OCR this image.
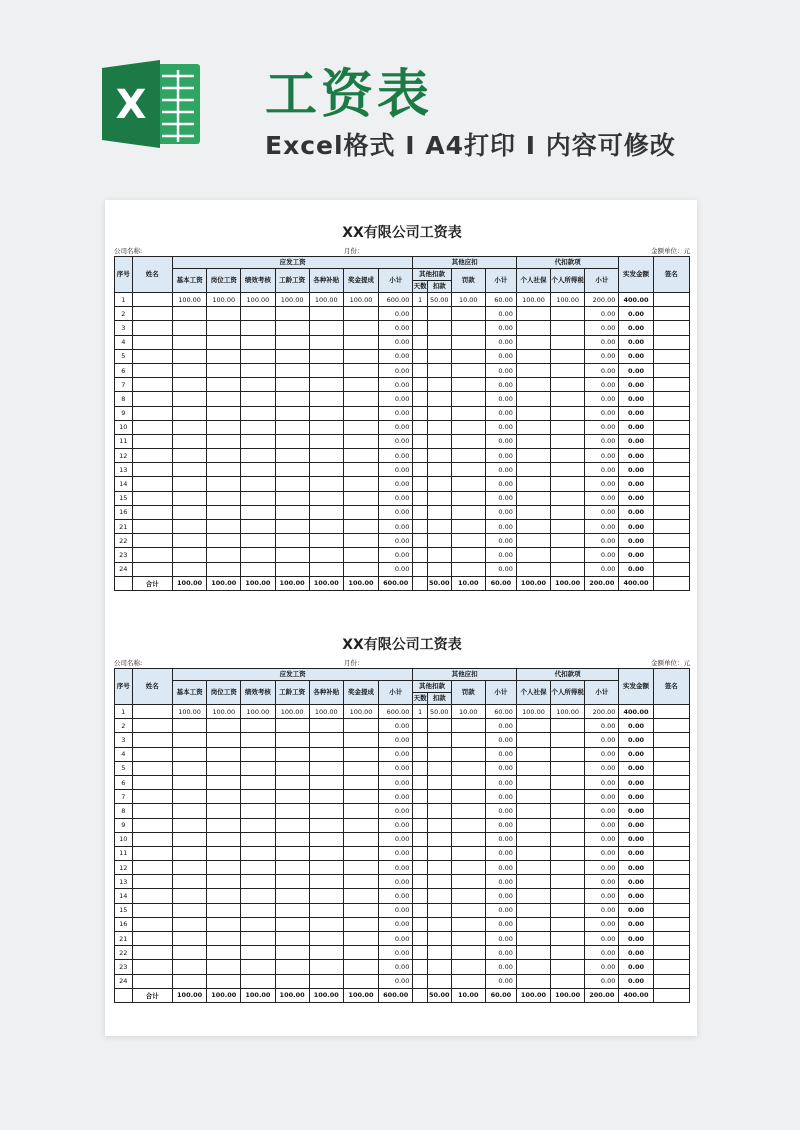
X 工资表
Excel格式 I A4打印 I 内容可修改
XX有限公司工资表
公司名称:	月份：	金额单位：元
序号	姓名	应发工资							其他应扣				代扣款项			实发金额	签名
		基本工资	岗位工资	绩效考核	工龄工资	各种补贴	奖金提成	小计	其他扣款		罚款	小计	个人社保	个人所得税	小计		
									天数	扣款							
1		100.00	100.00	100.00	100.00	100.00	100.00	600.00	1	50.00	10.00	60.00	100.00	100.00	200.00	400.00	
2								0.00				0.00			0.00	0.00	
3								0.00				0.00			0.00	0.00	
4								0.00				0.00			0.00	0.00	
5								0.00				0.00			0.00	0.00	
6								0.00				0.00			0.00	0.00	
7								0.00				0.00			0.00	0.00	
8								0.00				0.00			0.00	0.00	
9								0.00				0.00			0.00	0.00	
10								0.00				0.00			0.00	0.00	
11								0.00				0.00			0.00	0.00	
12								0.00				0.00			0.00	0.00	
13								0.00				0.00			0.00	0.00	
14								0.00				0.00			0.00	0.00	
15								0.00				0.00			0.00	0.00	
16								0.00				0.00			0.00	0.00	
21								0.00				0.00			0.00	0.00	
22								0.00				0.00			0.00	0.00	
23								0.00				0.00			0.00	0.00	
24								0.00				0.00			0.00	0.00	
	合计	100.00	100.00	100.00	100.00	100.00	100.00	600.00		50.00	10.00	60.00	100.00	100.00	200.00	400.00	
XX有限公司工资表
公司名称:	月份：	金额单位：元
序号	姓名	应发工资							其他应扣				代扣款项			实发金额	签名
		基本工资	岗位工资	绩效考核	工龄工资	各种补贴	奖金提成	小计	其他扣款		罚款	小计	个人社保	个人所得税	小计		
									天数	扣款							
1		100.00	100.00	100.00	100.00	100.00	100.00	600.00	1	50.00	10.00	60.00	100.00	100.00	200.00	400.00	
2								0.00				0.00			0.00	0.00	
3								0.00				0.00			0.00	0.00	
4								0.00				0.00			0.00	0.00	
5								0.00				0.00			0.00	0.00	
6								0.00				0.00			0.00	0.00	
7								0.00				0.00			0.00	0.00	
8								0.00				0.00			0.00	0.00	
9								0.00				0.00			0.00	0.00	
10								0.00				0.00			0.00	0.00	
11								0.00				0.00			0.00	0.00	
12								0.00				0.00			0.00	0.00	
13								0.00				0.00			0.00	0.00	
14								0.00				0.00			0.00	0.00	
15								0.00				0.00			0.00	0.00	
16								0.00				0.00			0.00	0.00	
21								0.00				0.00			0.00	0.00	
22								0.00				0.00			0.00	0.00	
23								0.00				0.00			0.00	0.00	
24								0.00				0.00			0.00	0.00	
	合计	100.00	100.00	100.00	100.00	100.00	100.00	600.00		50.00	10.00	60.00	100.00	100.00	200.00	400.00	
